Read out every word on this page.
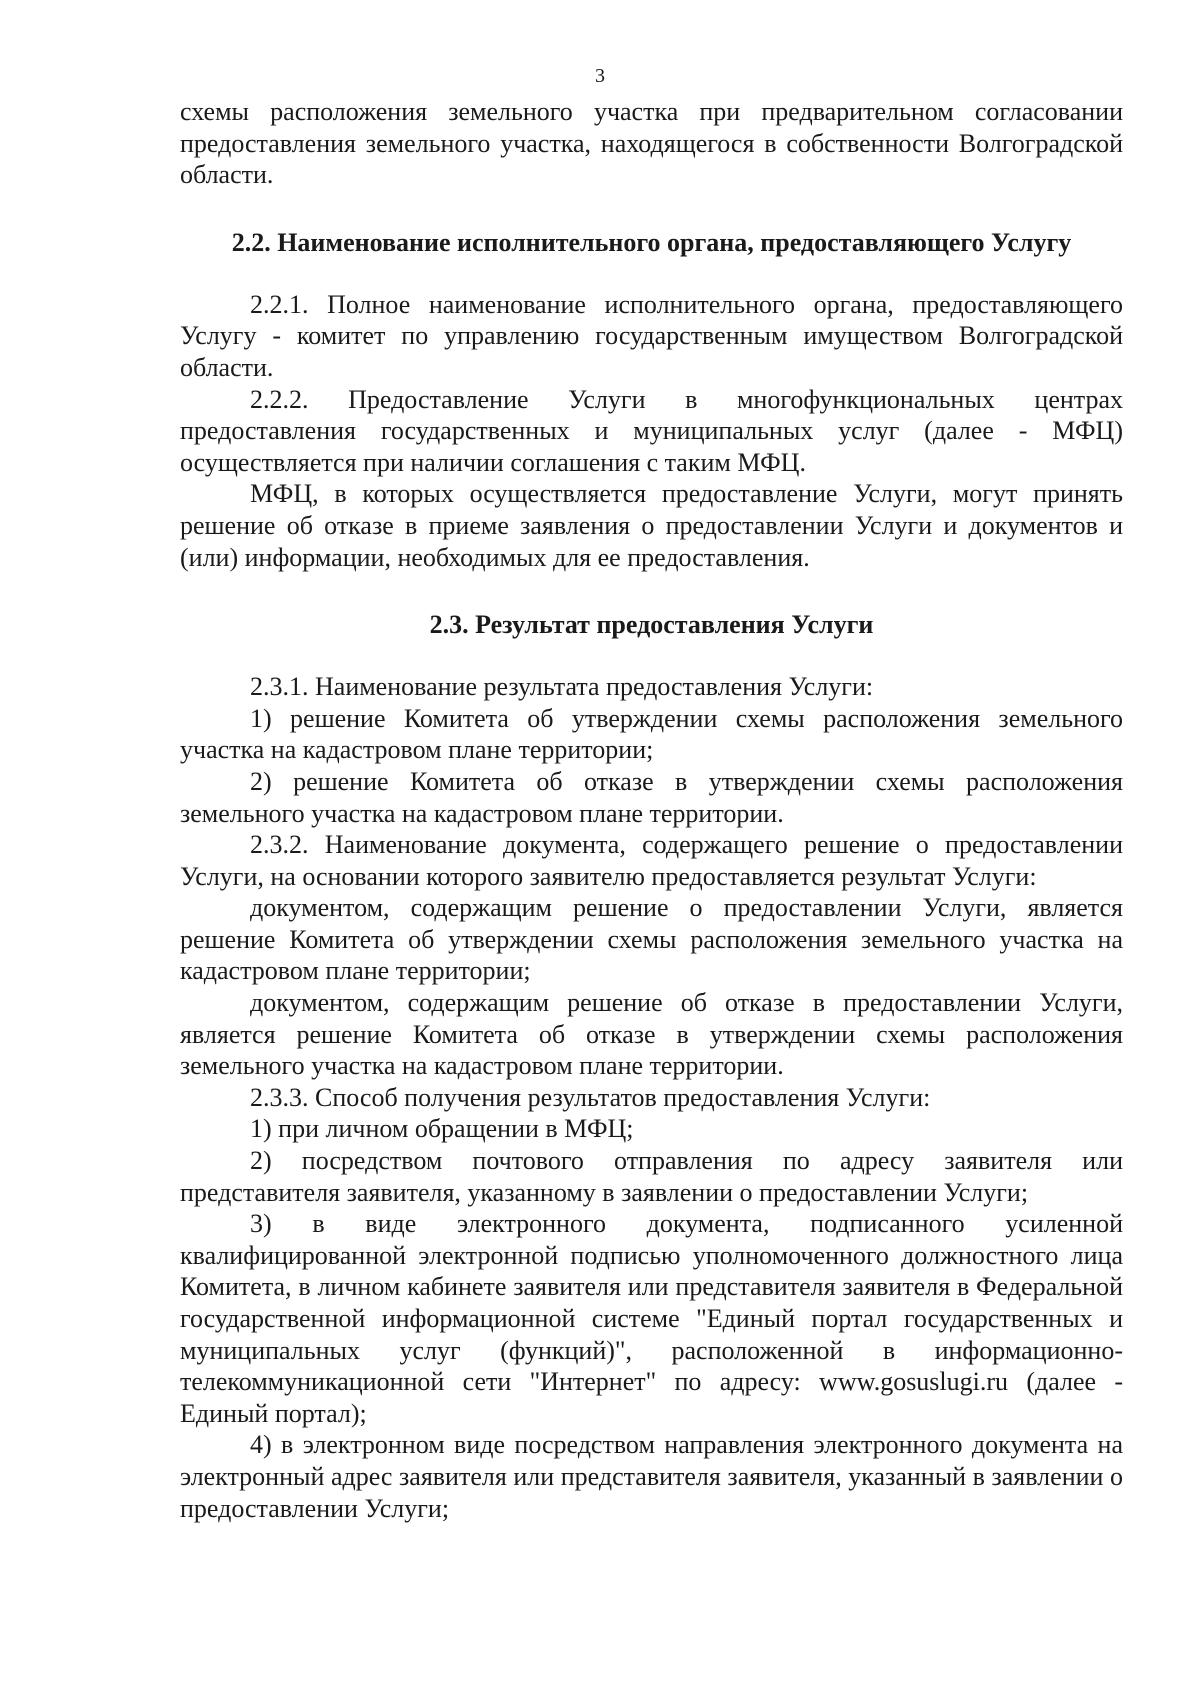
3

схемы расположения земельного участка при предварительном согласовании предоставления земельного участка, находящегося в собственности Волгоградской области.

2.2. Наименование исполнительного органа, предоставляющего Услугу

2.2.1. Полное наименование исполнительного органа, предоставляющего Услугу - комитет по управлению государственным имуществом Волгоградской области.

2.2.2. Предоставление Услуги в многофункциональных центрах предоставления государственных и муниципальных услуг (далее - МФЦ) осуществляется при наличии соглашения с таким МФЦ.

МФЦ, в которых осуществляется предоставление Услуги, могут принять решение об отказе в приеме заявления о предоставлении Услуги и документов и (или) информации, необходимых для ее предоставления.

2.3. Результат предоставления Услуги

2.3.1. Наименование результата предоставления Услуги:

1) решение Комитета об утверждении схемы расположения земельного участка на кадастровом плане территории;

2) решение Комитета об отказе в утверждении схемы расположения земельного участка на кадастровом плане территории.

2.3.2. Наименование документа, содержащего решение о предоставлении Услуги, на основании которого заявителю предоставляется результат Услуги:

документом, содержащим решение о предоставлении Услуги, является решение Комитета об утверждении схемы расположения земельного участка на кадастровом плане территории;

документом, содержащим решение об отказе в предоставлении Услуги, является решение Комитета об отказе в утверждении схемы расположения земельного участка на кадастровом плане территории.

2.3.3. Способ получения результатов предоставления Услуги:

1) при личном обращении в МФЦ;

2) посредством почтового отправления по адресу заявителя или представителя заявителя, указанному в заявлении о предоставлении Услуги;

3) в виде электронного документа, подписанного усиленной квалифицированной электронной подписью уполномоченного должностного лица Комитета, в личном кабинете заявителя или представителя заявителя в Федеральной государственной информационной системе "Единый портал государственных и муниципальных услуг (функций)", расположенной в информационно-телекоммуникационной сети "Интернет" по адресу: www.gosuslugi.ru (далее - Единый портал);

4) в электронном виде посредством направления электронного документа на электронный адрес заявителя или представителя заявителя, указанный в заявлении о предоставлении Услуги;
